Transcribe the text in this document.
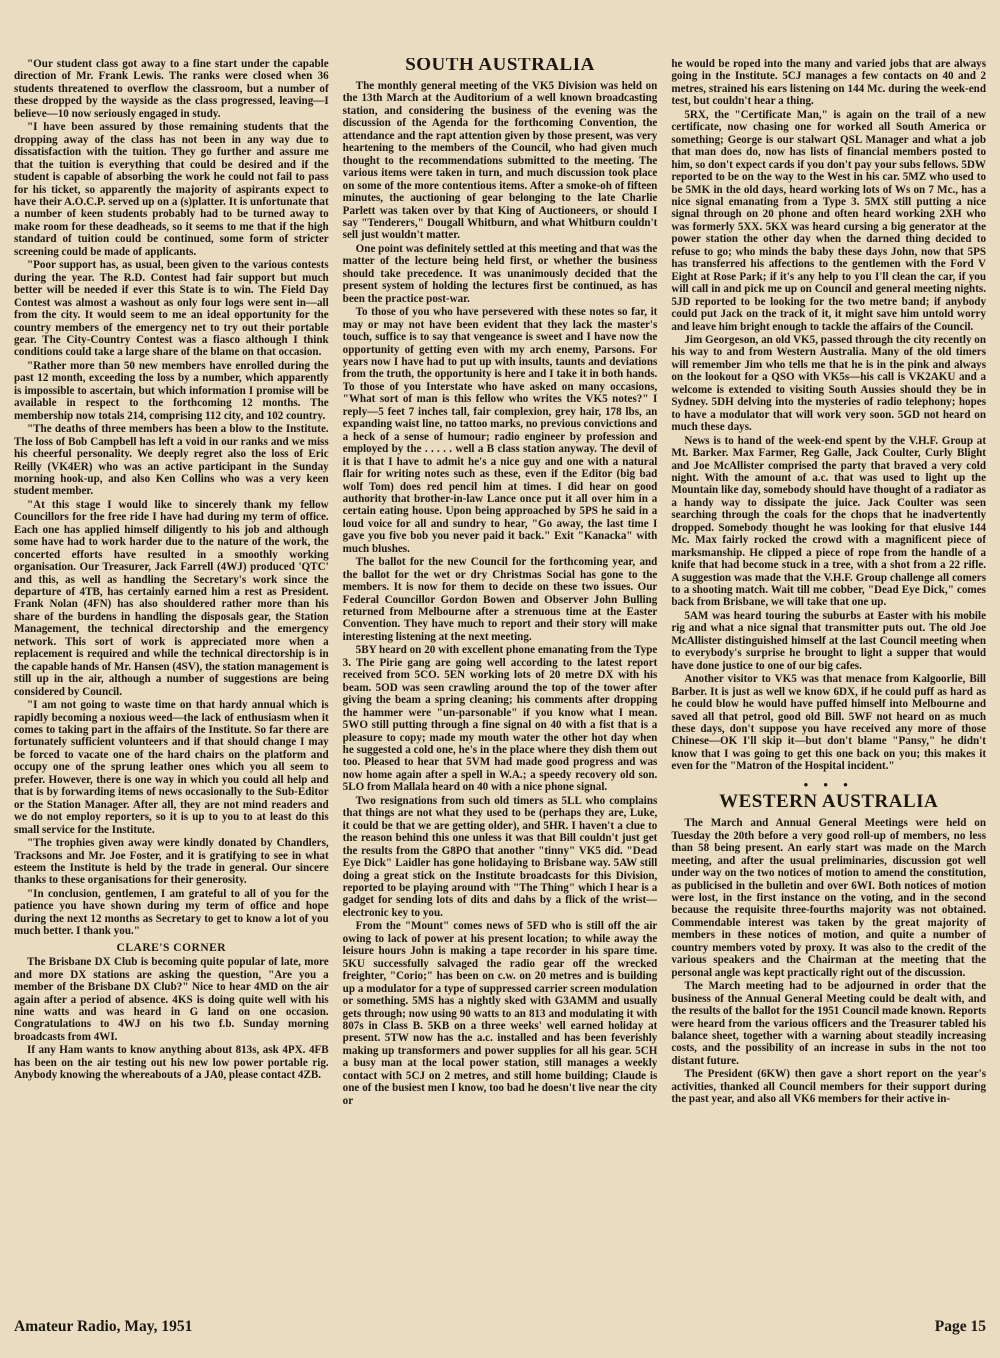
"Our student class got away to a fine start under the capable direction of Mr. Frank Lewis. The ranks were closed when 36 students threatened to overflow the classroom, but a number of these dropped by the wayside as the class progressed, leaving—I believe—10 now seriously engaged in study.

"I have been assured by those remaining students that the dropping away of the class has not been in any way due to dissatisfaction with the tuition. They go further and assure me that the tuition is everything that could be desired and if the student is capable of absorbing the work he could not fail to pass for his ticket, so apparently the majority of aspirants expect to have their A.O.C.P. served up on a (s)platter. It is unfortunate that a number of keen students probably had to be turned away to make room for these deadheads, so it seems to me that if the high standard of tuition could be continued, some form of stricter screening could be made of applicants.

"Poor support has, as usual, been given to the various contests during the year. The R.D. Contest had fair support but much better will be needed if ever this State is to win. The Field Day Contest was almost a washout as only four logs were sent in—all from the city. It would seem to me an ideal opportunity for the country members of the emergency net to try out their portable gear. The City-Country Contest was a fiasco although I think conditions could take a large share of the blame on that occasion.

"Rather more than 50 new members have enrolled during the past 12 month, exceeding the loss by a number, which apparently is impossible to ascertain, but which information I promise will be available in respect to the forthcoming 12 months. The membership now totals 214, comprising 112 city, and 102 country.

"The deaths of three members has been a blow to the Institute. The loss of Bob Campbell has left a void in our ranks and we miss his cheerful personality. We deeply regret also the loss of Eric Reilly (VK4ER) who was an active participant in the Sunday morning hook-up, and also Ken Collins who was a very keen student member.

"At this stage I would like to sincerely thank my fellow Councillors for the free ride I have had during my term of office. Each one has applied himself diligently to his job and although some have had to work harder due to the nature of the work, the concerted efforts have resulted in a smoothly working organisation. Our Treasurer, Jack Farrell (4WJ) produced 'QTC' and this, as well as handling the Secretary's work since the departure of 4TB, has certainly earned him a rest as President. Frank Nolan (4FN) has also shouldered rather more than his share of the burdens in handling the disposals gear, the Station Management, the technical directorship and the emergency network. This sort of work is appreciated more when a replacement is required and while the technical directorship is in the capable hands of Mr. Hansen (4SV), the station management is still up in the air, although a number of suggestions are being considered by Council.

"I am not going to waste time on that hardy annual which is rapidly becoming a noxious weed—the lack of enthusiasm when it comes to taking part in the affairs of the Institute. So far there are fortunately sufficient volunteers and if that should change I may be forced to vacate one of the hard chairs on the platform and occupy one of the sprung leather ones which you all seem to prefer. However, there is one way in which you could all help and that is by forwarding items of news occasionally to the Sub-Editor or the Station Manager. After all, they are not mind readers and we do not employ reporters, so it is up to you to at least do this small service for the Institute.

"The trophies given away were kindly donated by Chandlers, Tracksons and Mr. Joe Foster, and it is gratifying to see in what esteem the Institute is held by the trade in general. Our sincere thanks to these organisations for their generosity.

"In conclusion, gentlemen, I am grateful to all of you for the patience you have shown during my term of office and hope during the next 12 months as Secretary to get to know a lot of you much better. I thank you."

CLARE'S CORNER

The Brisbane DX Club is becoming quite popular of late, more and more DX stations are asking the question, "Are you a member of the Brisbane DX Club?" Nice to hear 4MD on the air again after a period of absence. 4KS is doing quite well with his nine watts and was heard in G land on one occasion. Congratulations to 4WJ on his two f.b. Sunday morning broadcasts from 4WI.

If any Ham wants to know anything about 813s, ask 4PX. 4FB has been on the air testing out his new low power portable rig. Anybody knowing the whereabouts of a JA0, please contact 4ZB.

SOUTH AUSTRALIA

The monthly general meeting of the VK5 Division was held on the 13th March at the Auditorium of a well known broadcasting station, and considering the business of the evening was the discussion of the Agenda for the forthcoming Convention, the attendance and the rapt attention given by those present, was very heartening to the members of the Council, who had given much thought to the recommendations submitted to the meeting. The various items were taken in turn, and much discussion took place on some of the more contentious items. After a smoke-oh of fifteen minutes, the auctioning of gear belonging to the late Charlie Parlett was taken over by that King of Auctioneers, or should I say "Tenderers," Dougall Whitburn, and what Whitburn couldn't sell just wouldn't matter.

One point was definitely settled at this meeting and that was the matter of the lecture being held first, or whether the business should take precedence. It was unanimously decided that the present system of holding the lectures first be continued, as has been the practice post-war.

To those of you who have persevered with these notes so far, it may or may not have been evident that they lack the master's touch, suffice is to say that vengeance is sweet and I have now the opportunity of getting even with my arch enemy, Parsons. For years now I have had to put up with insults, taunts and deviations from the truth, the opportunity is here and I take it in both hands. To those of you Interstate who have asked on many occasions, "What sort of man is this fellow who writes the VK5 notes?" I reply—5 feet 7 inches tall, fair complexion, grey hair, 178 lbs, an expanding waist line, no tattoo marks, no previous convictions and a heck of a sense of humour; radio engineer by profession and employed by the . . . . . well a B class station anyway. The devil of it is that I have to admit he's a nice guy and one with a natural flair for writing notes such as these, even if the Editor (big bad wolf Tom) does red pencil him at times. I did hear on good authority that brother-in-law Lance once put it all over him in a certain eating house. Upon being approached by 5PS he said in a loud voice for all and sundry to hear, "Go away, the last time I gave you five bob you never paid it back." Exit "Kanacka" with much blushes.

The ballot for the new Council for the forthcoming year, and the ballot for the wet or dry Christmas Social has gone to the members. It is now for them to decide on these two issues. Our Federal Councillor Gordon Bowen and Observer John Bulling returned from Melbourne after a strenuous time at the Easter Convention. They have much to report and their story will make interesting listening at the next meeting.

5BY heard on 20 with excellent phone emanating from the Type 3. The Pirie gang are going well according to the latest report received from 5CO. 5EN working lots of 20 metre DX with his beam. 5OD was seen crawling around the top of the tower after giving the beam a spring cleaning; his comments after dropping the hammer were "un-parsonable" if you know what I mean. 5WO still putting through a fine signal on 40 with a fist that is a pleasure to copy; made my mouth water the other hot day when he suggested a cold one, he's in the place where they dish them out too. Pleased to hear that 5VM had made good progress and was now home again after a spell in W.A.; a speedy recovery old son. 5LO from Mallala heard on 40 with a nice phone signal.

Two resignations from such old timers as 5LL who complains that things are not what they used to be (perhaps they are, Luke, it could be that we are getting older), and 5HR. I haven't a clue to the reason behind this one unless it was that Bill couldn't just get the results from the G8PO that another "tinny" VK5 did. "Dead Eye Dick" Laidler has gone holidaying to Brisbane way. 5AW still doing a great stick on the Institute broadcasts for this Division, reported to be playing around with "The Thing" which I hear is a gadget for sending lots of dits and dahs by a flick of the wrist—electronic key to you.

From the "Mount" comes news of 5FD who is still off the air owing to lack of power at his present location; to while away the leisure hours John is making a tape recorder in his spare time. 5KU successfully salvaged the radio gear off the wrecked freighter, "Corio;" has been on c.w. on 20 metres and is building up a modulator for a type of suppressed carrier screen modulation or something. 5MS has a nightly sked with G3AMM and usually gets through; now using 90 watts to an 813 and modulating it with 807s in Class B. 5KB on a three weeks' well earned holiday at present. 5TW now has the a.c. installed and has been feverishly making up transformers and power supplies for all his gear. 5CH a busy man at the local power station, still manages a weekly contact with 5CJ on 2 metres, and still home building; Claude is one of the busiest men I know, too bad he doesn't live near the city or

he would be roped into the many and varied jobs that are always going in the Institute. 5CJ manages a few contacts on 40 and 2 metres, strained his ears listening on 144 Mc. during the week-end test, but couldn't hear a thing.

5RX, the "Certificate Man," is again on the trail of a new certificate, now chasing one for worked all South America or something; George is our stalwart QSL Manager and what a job that man does do, now has lists of financial members posted to him, so don't expect cards if you don't pay your subs fellows. 5DW reported to be on the way to the West in his car. 5MZ who used to be 5MK in the old days, heard working lots of Ws on 7 Mc., has a nice signal emanating from a Type 3. 5MX still putting a nice signal through on 20 phone and often heard working 2XH who was formerly 5XX. 5KX was heard cursing a big generator at the power station the other day when the darned thing decided to refuse to go; who minds the baby these days John, now that 5PS has transferred his affections to the gentlemen with the Ford V Eight at Rose Park; if it's any help to you I'll clean the car, if you will call in and pick me up on Council and general meeting nights. 5JD reported to be looking for the two metre band; if anybody could put Jack on the track of it, it might save him untold worry and leave him bright enough to tackle the affairs of the Council.

Jim Georgeson, an old VK5, passed through the city recently on his way to and from Western Australia. Many of the old timers will remember Jim who tells me that he is in the pink and always on the lookout for a QSO with VK5s—his call is VK2AKU and a welcome is extended to visiting South Aussies should they be in Sydney. 5DH delving into the mysteries of radio telephony; hopes to have a modulator that will work very soon. 5GD not heard on much these days.

News is to hand of the week-end spent by the V.H.F. Group at Mt. Barker. Max Farmer, Reg Galle, Jack Coulter, Curly Blight and Joe McAllister comprised the party that braved a very cold night. With the amount of a.c. that was used to light up the Mountain like day, somebody should have thought of a radiator as a handy way to dissipate the juice. Jack Coulter was seen searching through the coals for the chops that he inadvertently dropped. Somebody thought he was looking for that elusive 144 Mc. Max fairly rocked the crowd with a magnificent piece of marksmanship. He clipped a piece of rope from the handle of a knife that had become stuck in a tree, with a shot from a 22 rifle. A suggestion was made that the V.H.F. Group challenge all comers to a shooting match. Wait till me cobber, "Dead Eye Dick," comes back from Brisbane, we will take that one up.

5AM was heard touring the suburbs at Easter with his mobile rig and what a nice signal that transmitter puts out. The old Joe McAllister distinguished himself at the last Council meeting when to everybody's surprise he brought to light a supper that would have done justice to one of our big cafes.

Another visitor to VK5 was that menace from Kalgoorlie, Bill Barber. It is just as well we know 6DX, if he could puff as hard as he could blow he would have puffed himself into Melbourne and saved all that petrol, good old Bill. 5WF not heard on as much these days, don't suppose you have received any more of those Chinese—OK I'll skip it—but don't blame "Pansy," he didn't know that I was going to get this one back on you; this makes it even for the "Matron of the Hospital incident."

• • •
WESTERN AUSTRALIA

The March and Annual General Meetings were held on Tuesday the 20th before a very good roll-up of members, no less than 58 being present. An early start was made on the March meeting, and after the usual preliminaries, discussion got well under way on the two notices of motion to amend the constitution, as publicised in the bulletin and over 6WI. Both notices of motion were lost, in the first instance on the voting, and in the second because the requisite three-fourths majority was not obtained. Commendable interest was taken by the great majority of members in these notices of motion, and quite a number of country members voted by proxy. It was also to the credit of the various speakers and the Chairman at the meeting that the personal angle was kept practically right out of the discussion.

The March meeting had to be adjourned in order that the business of the Annual General Meeting could be dealt with, and the results of the ballot for the 1951 Council made known. Reports were heard from the various officers and the Treasurer tabled his balance sheet, together with a warning about steadily increasing costs, and the possibility of an increase in subs in the not too distant future.

The President (6KW) then gave a short report on the year's activities, thanked all Council members for their support during the past year, and also all VK6 members for their active in-

Amateur Radio, May, 1951	Page 15
